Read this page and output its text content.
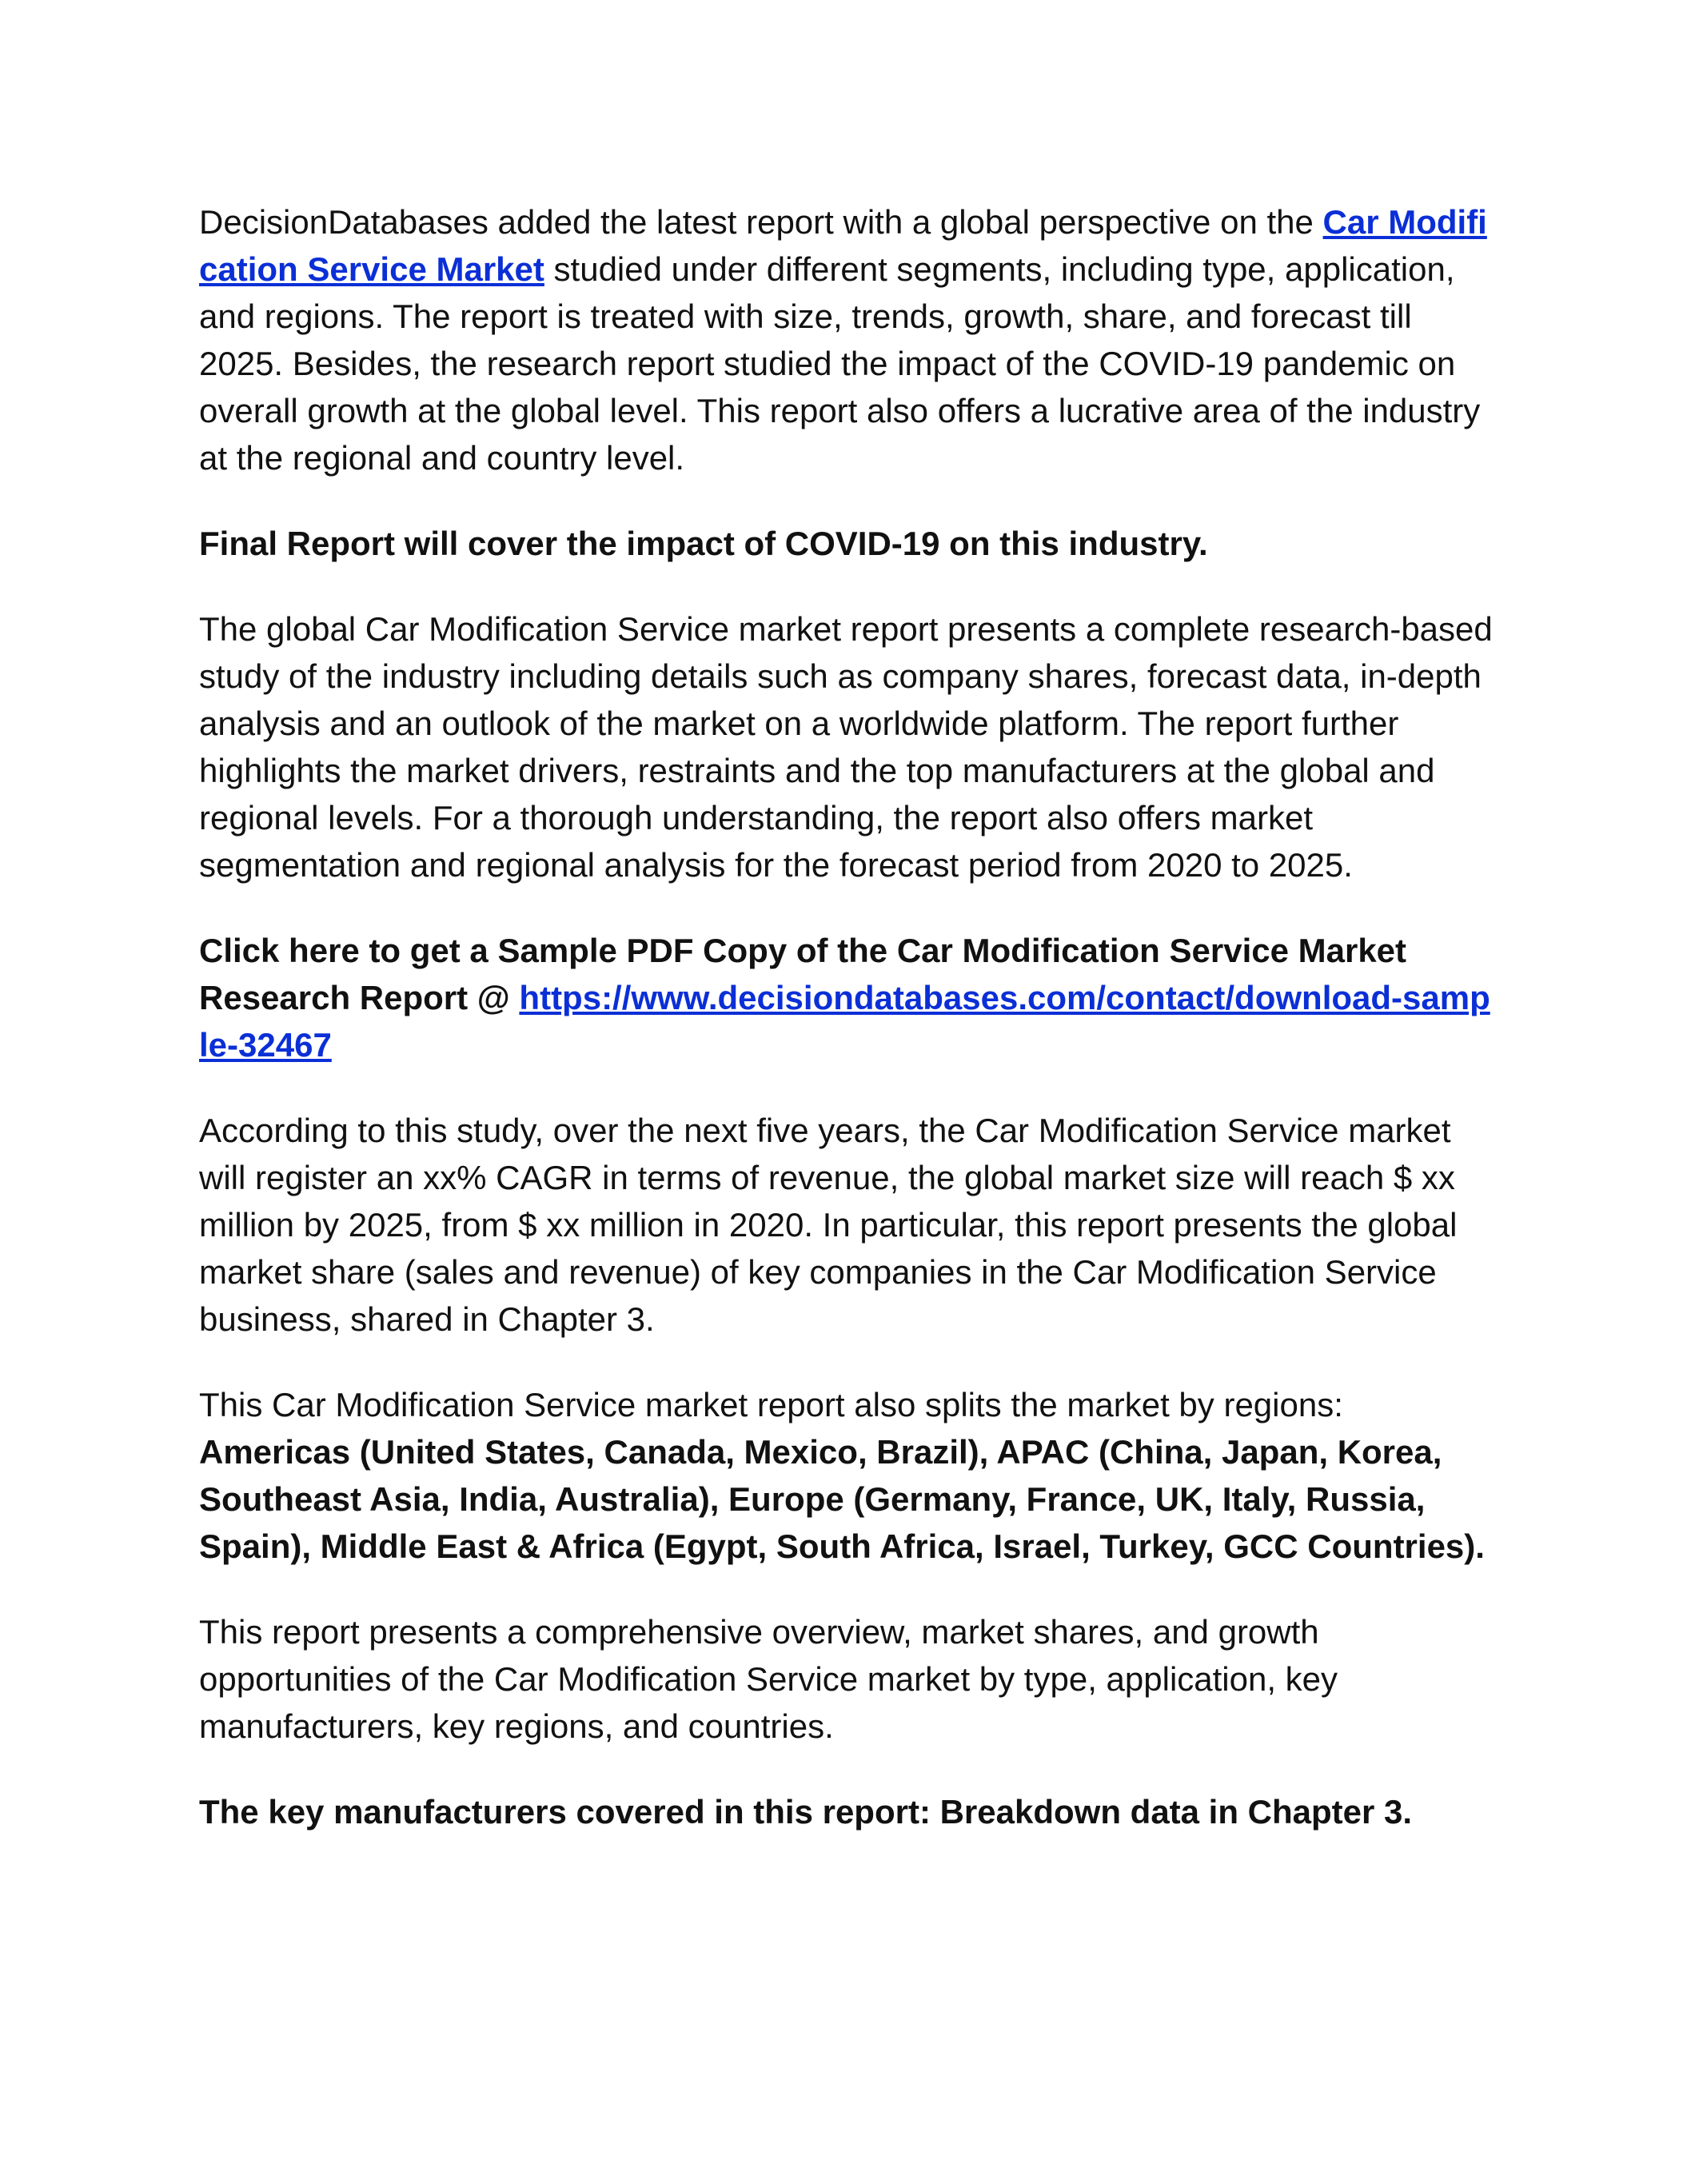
DecisionDatabases added the latest report with a global perspective on the Car Modification Service Market studied under different segments, including type, application, and regions. The report is treated with size, trends, growth, share, and forecast till 2025. Besides, the research report studied the impact of the COVID-19 pandemic on overall growth at the global level. This report also offers a lucrative area of the industry at the regional and country level.

Final Report will cover the impact of COVID-19 on this industry.

The global Car Modification Service market report presents a complete research-based study of the industry including details such as company shares, forecast data, in-depth analysis and an outlook of the market on a worldwide platform. The report further highlights the market drivers, restraints and the top manufacturers at the global and regional levels. For a thorough understanding, the report also offers market segmentation and regional analysis for the forecast period from 2020 to 2025.

Click here to get a Sample PDF Copy of the Car Modification Service Market Research Report @ https://www.decisiondatabases.com/contact/download-sample-32467

According to this study, over the next five years, the Car Modification Service market will register an xx% CAGR in terms of revenue, the global market size will reach $ xx million by 2025, from $ xx million in 2020. In particular, this report presents the global market share (sales and revenue) of key companies in the Car Modification Service business, shared in Chapter 3.

This Car Modification Service market report also splits the market by regions: Americas (United States, Canada, Mexico, Brazil), APAC (China, Japan, Korea, Southeast Asia, India, Australia), Europe (Germany, France, UK, Italy, Russia, Spain), Middle East & Africa (Egypt, South Africa, Israel, Turkey, GCC Countries).

This report presents a comprehensive overview, market shares, and growth opportunities of the Car Modification Service market by type, application, key manufacturers, key regions, and countries.

The key manufacturers covered in this report: Breakdown data in Chapter 3.
